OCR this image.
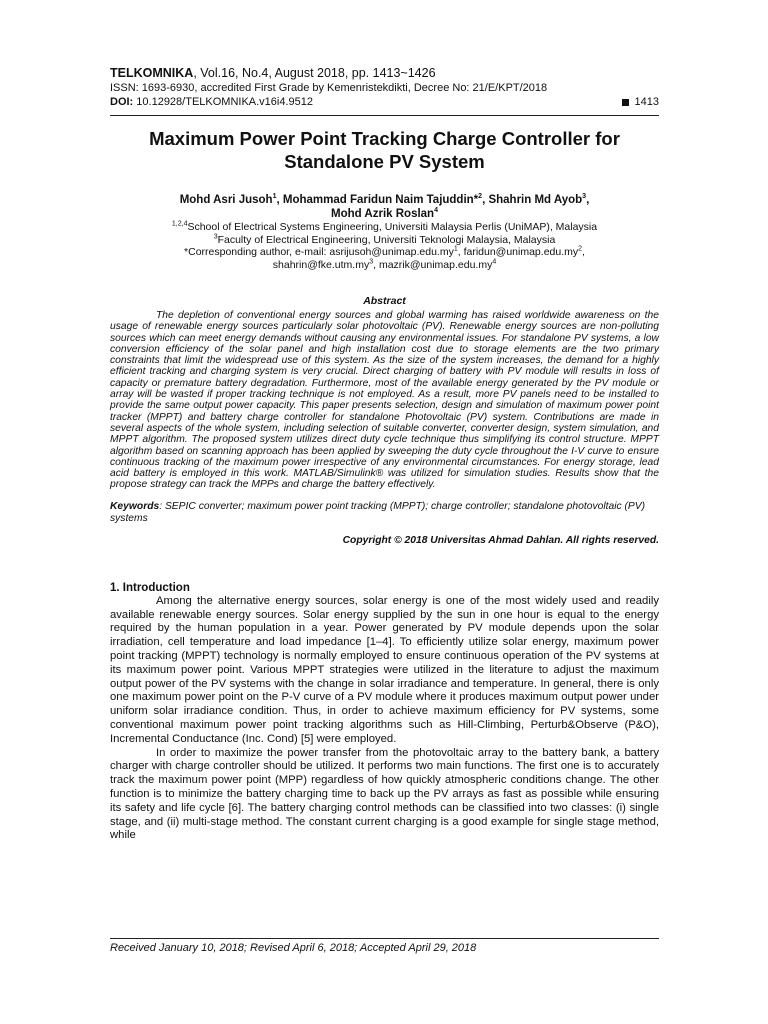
TELKOMNIKA, Vol.16, No.4, August 2018, pp. 1413~1426
ISSN: 1693-6930, accredited First Grade by Kemenristekdikti, Decree No: 21/E/KPT/2018
DOI: 10.12928/TELKOMNIKA.v16i4.9512	1413
Maximum Power Point Tracking Charge Controller for Standalone PV System
Mohd Asri Jusoh$^1$, Mohammad Faridun Naim Tajuddin*$^2$, Shahrin Md Ayob$^3$,
Mohd Azrik Roslan$^4$
$^{1,2,4}$School of Electrical Systems Engineering, Universiti Malaysia Perlis (UniMAP), Malaysia
$^3$Faculty of Electrical Engineering, Universiti Teknologi Malaysia, Malaysia
*Corresponding author, e-mail: $asrijusoh@unimap.edu.my^1$, $faridun@unimap.edu.my^2$,
$shahrin@fke.utm.my^3$, $mazrik@unimap.edu.my^4$
Abstract
The depletion of conventional energy sources and global warming has raised worldwide awareness on the usage of renewable energy sources particularly solar photovoltaic (PV). Renewable energy sources are non-polluting sources which can meet energy demands without causing any environmental issues. For standalone PV systems, a low conversion efficiency of the solar panel and high installation cost due to storage elements are the two primary constraints that limit the widespread use of this system. As the size of the system increases, the demand for a highly efficient tracking and charging system is very crucial. Direct charging of battery with PV module will results in loss of capacity or premature battery degradation. Furthermore, most of the available energy generated by the PV module or array will be wasted if proper tracking technique is not employed. As a result, more PV panels need to be installed to provide the same output power capacity. This paper presents selection, design and simulation of maximum power point tracker (MPPT) and battery charge controller for standalone Photovoltaic (PV) system. Contributions are made in several aspects of the whole system, including selection of suitable converter, converter design, system simulation, and MPPT algorithm. The proposed system utilizes direct duty cycle technique thus simplifying its control structure. MPPT algorithm based on scanning approach has been applied by sweeping the duty cycle throughout the I-V curve to ensure continuous tracking of the maximum power irrespective of any environmental circumstances. For energy storage, lead acid battery is employed in this work. MATLAB/Simulink® was utilized for simulation studies. Results show that the propose strategy can track the MPPs and charge the battery effectively.
Keywords: SEPIC converter; maximum power point tracking (MPPT); charge controller; standalone photovoltaic (PV) systems
Copyright © 2018 Universitas Ahmad Dahlan. All rights reserved.
1. Introduction

Among the alternative energy sources, solar energy is one of the most widely used and readily available renewable energy sources. Solar energy supplied by the sun in one hour is equal to the energy required by the human population in a year. Power generated by PV module depends upon the solar irradiation, cell temperature and load impedance [1–4]. To efficiently utilize solar energy, maximum power point tracking (MPPT) technology is normally employed to ensure continuous operation of the PV systems at its maximum power point. Various MPPT strategies were utilized in the literature to adjust the maximum output power of the PV systems with the change in solar irradiance and temperature. In general, there is only one maximum power point on the P-V curve of a PV module where it produces maximum output power under uniform solar irradiance condition. Thus, in order to achieve maximum efficiency for PV systems, some conventional maximum power point tracking algorithms such as Hill-Climbing, Perturb&Observe (P&O), Incremental Conductance (Inc. Cond) [5] were employed.

In order to maximize the power transfer from the photovoltaic array to the battery bank, a battery charger with charge controller should be utilized. It performs two main functions. The first one is to accurately track the maximum power point (MPP) regardless of how quickly atmospheric conditions change. The other function is to minimize the battery charging time to back up the PV arrays as fast as possible while ensuring its safety and life cycle [6]. The battery charging control methods can be classified into two classes: (i) single stage, and (ii) multi-stage method. The constant current charging is a good example for single stage method, while

Received January 10, 2018; Revised April 6, 2018; Accepted April 29, 2018
